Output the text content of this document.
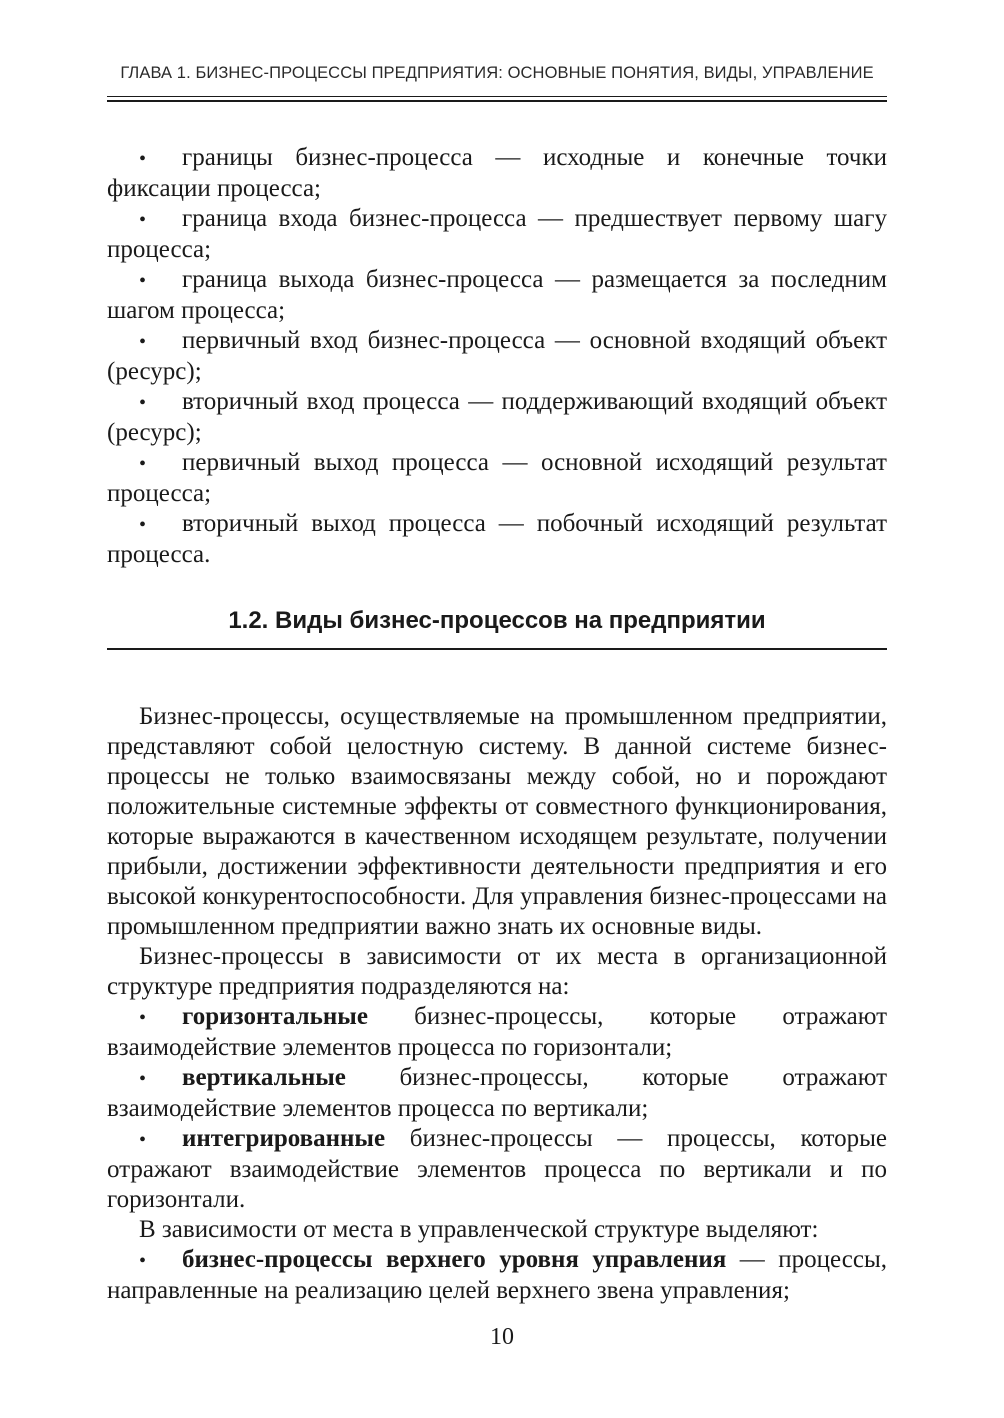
ГЛАВА 1. БИЗНЕС-ПРОЦЕССЫ ПРЕДПРИЯТИЯ: ОСНОВНЫЕ ПОНЯТИЯ, ВИДЫ, УПРАВЛЕНИЕ

• границы бизнес-процесса — исходные и конечные точки фиксации процесса;

• граница входа бизнес-процесса — предшествует первому шагу процесса;

• граница выхода бизнес-процесса — размещается за последним шагом процесса;

• первичный вход бизнес-процесса — основной входящий объект (ресурс);

• вторичный вход процесса — поддерживающий входящий объект (ресурс);

• первичный выход процесса — основной исходящий результат процесса;

• вторичный выход процесса — побочный исходящий результат процесса.

1.2. Виды бизнес-процессов на предприятии

Бизнес-процессы, осуществляемые на промышленном предприятии, представляют собой целостную систему. В данной системе бизнес-процессы не только взаимосвязаны между собой, но и порождают положительные системные эффекты от совместного функционирования, которые выражаются в качественном исходящем результате, получении прибыли, достижении эффективности деятельности предприятия и его высокой конкурентоспособности. Для управления бизнес-процессами на промышленном предприятии важно знать их основные виды.

Бизнес-процессы в зависимости от их места в организационной структуре предприятия подразделяются на:

• горизонтальные бизнес-процессы, которые отражают взаимодействие элементов процесса по горизонтали;

• вертикальные бизнес-процессы, которые отражают взаимодействие элементов процесса по вертикали;

• интегрированные бизнес-процессы — процессы, которые отражают взаимодействие элементов процесса по вертикали и по горизонтали.

В зависимости от места в управленческой структуре выделяют:

• бизнес-процессы верхнего уровня управления — процессы, направленные на реализацию целей верхнего звена управления;

10
